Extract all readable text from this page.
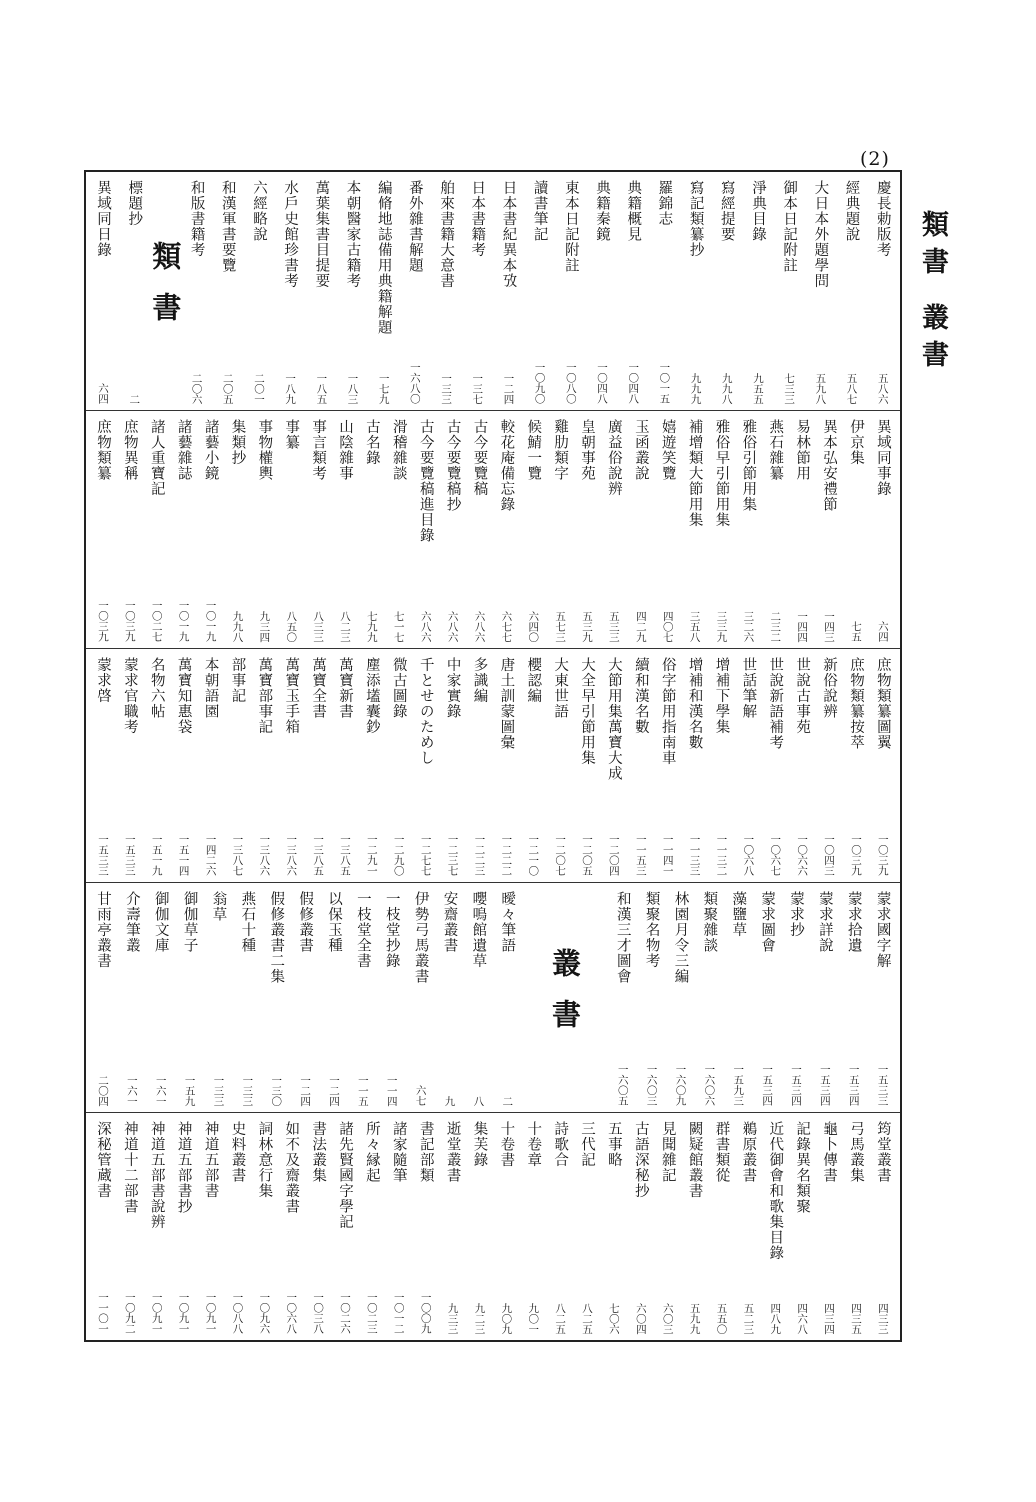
(2)
類書 叢書
慶長勅版考
五八六
經典題說
五八七
大日本外題學問
五九八
御本日記附註
七三三
淨典目錄
九五五
寫經提要
九九八
寫記類纂抄
九九九
羅錦志
一〇一五
典籍概見
一〇四八
典籍秦鏡
一〇四八
東本日記附註
一〇八〇
讀書筆記
一〇九〇
日本書紀異本攷
一二四
日本書籍考
一三七
舶來書籍大意書
一三三
番外雜書解題
一六八〇
編脩地誌備用典籍解題
一七九
本朝醫家古籍考
一八三
萬葉集書目提要
一八五
水戶史館珍書考
一八九
六經略說
二〇一
和漢軍書要覽
二〇五
和版書籍考
二〇六
類書
標題抄
二
異域同日錄
六四
異域同事錄
六四
伊京集
七五
異本弘安禮節
一四三
易林節用
一四四
燕石雜纂
二三二
雅俗引節用集
三二六
雅俗早引節用集
三三九
補增類大節用集
三五八
嬉遊笑覽
四〇七
玉函叢說
四二九
廣益俗說辨
五三三
皇朝事苑
五三九
雞肋類字
五七三
候鯖一覽
六四〇
較花庵備忘錄
六七七
古今要覽稿
六八六
古今要覽稿抄
六八六
古今要覽稿進目錄
六八六
滑稽雜談
七一七
古名錄
七九九
山陰雜事
八二三
事言類考
八三三
事纂
八五〇
事物權輿
九三四
集類抄
九九八
諸藝小鏡
一〇一九
諸藝雜誌
一〇一九
諸人重寶記
一〇二七
庶物異稱
一〇三九
庶物類纂
一〇三九
庶物類纂圖翼
一〇三九
庶物類纂按萃
一〇三九
新俗說辨
一〇四三
世說古事苑
一〇六六
世說新語補考
一〇六七
世話筆解
一〇六八
增補下學集
一一三二
增補和漢名數
一一三三
俗字節用指南車
一一四一
續和漢名數
一一五三
大節用集萬寶大成
一二〇四
大全早引節用集
一二〇五
大東世語
一二〇七
櫻認編
一二一〇
唐土訓蒙圖彙
一二二二
多識編
一二二三
中家實錄
一二三七
千とせのためし
一二七七
微古圖錄
一二九〇
塵添壒囊鈔
一二九一
萬寶新書
一三八五
萬寶全書
一三八五
萬寶玉手箱
一三八六
萬寶部事記
一三八六
部事記
一三八七
本朝語園
一四二六
萬寶知惠袋
一五一四
名物六帖
一五一九
蒙求官職考
一五三三
蒙求啓
一五三三
蒙求國字解
一五三三
蒙求拾遺
一五三四
蒙求詳說
一五三四
蒙求抄
一五三四
蒙求圖會
一五三四
藻鹽草
一五九三
類聚雜談
一六〇六
林園月令三編
一六〇九
類聚名物考
一六〇三
和漢三才圖會
一六〇五
叢書
曖々筆語
二
嚶鳴館遺草
八
安齋叢書
九
伊勢弓馬叢書
六七
一枝堂抄錄
一一四
一枝堂全書
一一五
以保玉種
一二四
假修叢書
一二四
假修叢書二集
一三〇
燕石十種
一三三
翁草
一三三
御伽草子
一五九
御伽文庫
一六一
介壽筆叢
一六一
甘雨亭叢書
二〇四
筠堂叢書
四三三
弓馬叢集
四三五
龜卜傳書
四三四
記錄異名類聚
四六八
近代御會和歌集目錄
四八九
鵜原叢書
五二三
群書類從
五五〇
闕疑館叢書
五九九
見聞雜記
六〇三
古語深秘抄
六〇四
五事略
七〇六
三代記
八二五
詩歌合
八二五
十卷章
九〇一
十卷書
九〇九
集芙錄
九二三
逝堂叢書
九三三
書記部類
一〇〇九
諸家隨筆
一〇一二
所々縁起
一〇二三
諸先賢國字學記
一〇二六
書法叢集
一〇三八
如不及齋叢書
一〇六八
詞林意行集
一〇九六
史料叢書
一〇八八
神道五部書
一〇九一
神道五部書抄
一〇九一
神道五部書說辨
一〇九一
神道十二部書
一〇九二
深秘管蔵書
一一〇一
